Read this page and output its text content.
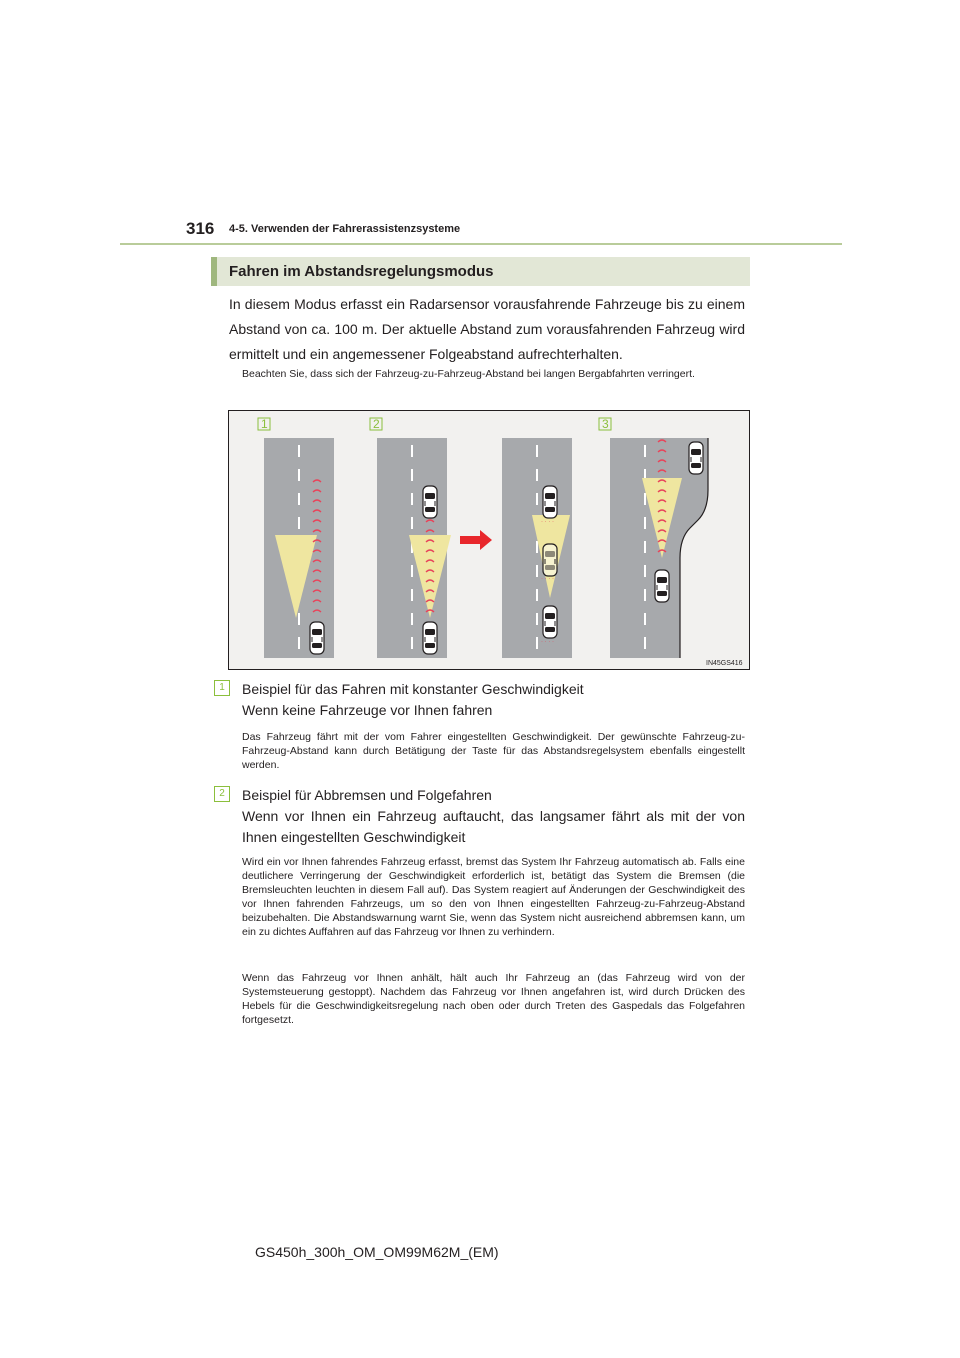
316 4-5. Verwenden der Fahrerassistenzsysteme
Fahren im Abstandsregelungsmodus

In diesem Modus erfasst ein Radarsensor vorausfahrende Fahrzeuge bis zu einem Abstand von ca. 100 m. Der aktuelle Abstand zum vorausfahrenden Fahrzeug wird ermittelt und ein angemessener Folgeabstand aufrechterhalten.

Beachten Sie, dass sich der Fahrzeug-zu-Fahrzeug-Abstand bei langen Bergabfahrten verringert.

· · · ·
· · · ·
· · · ·
1	2	3
IN45GS416
1	Beispiel für das Fahren mit konstanter Geschwindigkeit
Wenn keine Fahrzeuge vor Ihnen fahren

Das Fahrzeug fährt mit der vom Fahrer eingestellten Geschwindigkeit. Der gewünschte Fahrzeug-zu-Fahrzeug-Abstand kann durch Betätigung der Taste für das Abstandsregelsystem ebenfalls eingestellt werden.

2	Beispiel für Abbremsen und Folgefahren
Wenn vor Ihnen ein Fahrzeug auftaucht, das langsamer fährt als mit der von Ihnen eingestellten Geschwindigkeit

Wird ein vor Ihnen fahrendes Fahrzeug erfasst, bremst das System Ihr Fahrzeug automatisch ab. Falls eine deutlichere Verringerung der Geschwindigkeit erforderlich ist, betätigt das System die Bremsen (die Bremsleuchten leuchten in diesem Fall auf). Das System reagiert auf Änderungen der Geschwindigkeit des vor Ihnen fahrenden Fahrzeugs, um so den von Ihnen eingestellten Fahrzeug-zu-Fahrzeug-Abstand beizubehalten. Die Abstandswarnung warnt Sie, wenn das System nicht ausreichend abbremsen kann, um ein zu dichtes Auffahren auf das Fahrzeug vor Ihnen zu verhindern.

Wenn das Fahrzeug vor Ihnen anhält, hält auch Ihr Fahrzeug an (das Fahrzeug wird von der Systemsteuerung gestoppt). Nachdem das Fahrzeug vor Ihnen angefahren ist, wird durch Drücken des Hebels für die Geschwindigkeitsregelung nach oben oder durch Treten des Gaspedals das Folgefahren fortgesetzt.

GS450h_300h_OM_OM99M62M_(EM)
